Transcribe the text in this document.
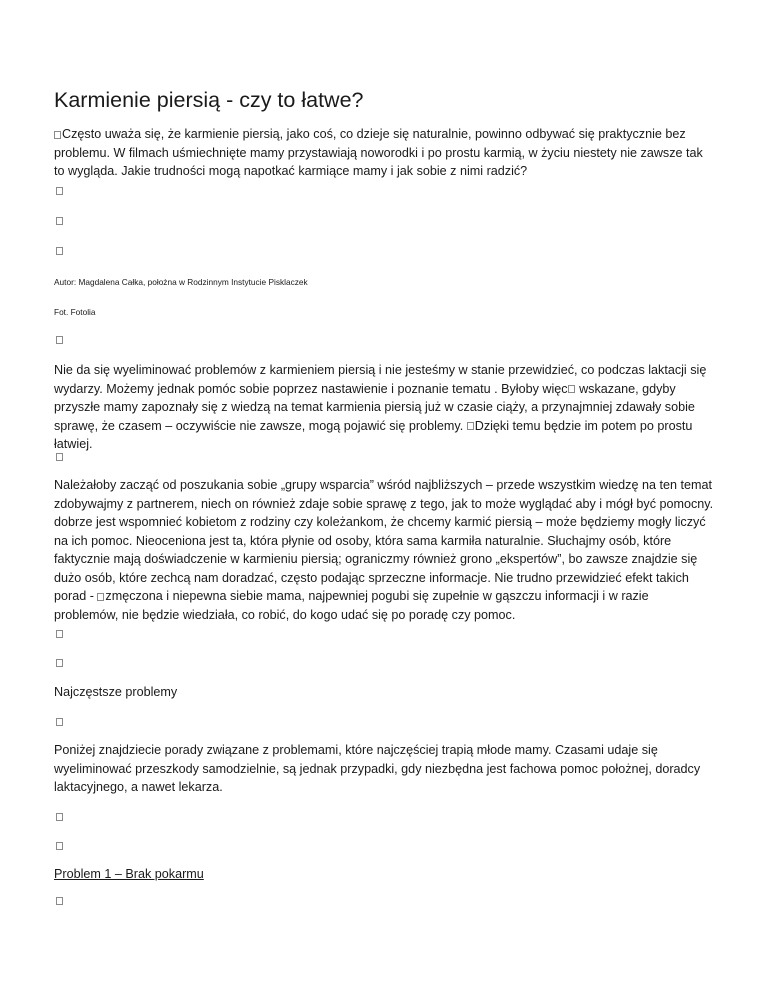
Karmienie piersią - czy to łatwe?

Często uważa się, że karmienie piersią, jako coś, co dzieje się naturalnie, powinno odbywać się praktycznie bez problemu. W filmach uśmiechnięte mamy przystawiają noworodki i po prostu karmią, w życiu niestety nie zawsze tak to wygląda. Jakie trudności mogą napotkać karmiące mamy i jak sobie z nimi radzić?

Autor: Magdalena Całka, położna w Rodzinnym Instytucie Pisklaczek

Fot. Fotolia

Nie da się wyeliminować problemów z karmieniem piersią i nie jesteśmy w stanie przewidzieć, co podczas laktacji się wydarzy. Możemy jednak pomóc sobie poprzez nastawienie i poznanie tematu . Byłoby więc wskazane, gdyby przyszłe mamy zapoznały się z wiedzą na temat karmienia piersią już w czasie ciąży, a przynajmniej zdawały sobie sprawę, że czasem – oczywiście nie zawsze, mogą pojawić się problemy. Dzięki temu będzie im potem po prostu łatwiej.

Należałoby zacząć od poszukania sobie „grupy wsparcia” wśród najbliższych – przede wszystkim wiedzę na ten temat zdobywajmy z partnerem, niech on również zdaje sobie sprawę z tego, jak to może wyglądać aby i mógł być pomocny. dobrze jest wspomnieć kobietom z rodziny czy koleżankom, że chcemy karmić piersią – może będziemy mogły liczyć na ich pomoc. Nieoceniona jest ta, która płynie od osoby, która sama karmiła naturalnie. Słuchajmy osób, które faktycznie mają doświadczenie w karmieniu piersią; ograniczmy również grono „ekspertów”, bo zawsze znajdzie się dużo osób, które zechcą nam doradzać, często podając sprzeczne informacje. Nie trudno przewidzieć efekt takich porad - zmęczona i niepewna siebie mama, najpewniej pogubi się zupełnie w gąszczu informacji i w razie problemów, nie będzie wiedziała, co robić, do kogo udać się po poradę czy pomoc.

Najczęstsze problemy

Poniżej znajdziecie porady związane z problemami, które najczęściej trapią młode mamy. Czasami udaje się wyeliminować przeszkody samodzielnie, są jednak przypadki, gdy niezbędna jest fachowa pomoc położnej, doradcy laktacyjnego, a nawet lekarza.

Problem 1 – Brak pokarmu
